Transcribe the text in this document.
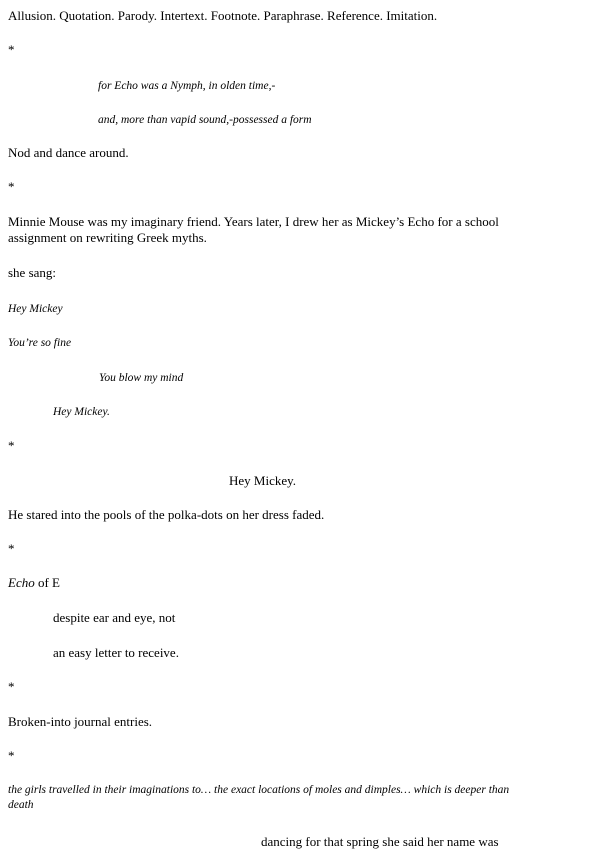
Allusion. Quotation. Parody. Intertext. Footnote. Paraphrase. Reference. Imitation.
*
for Echo was a Nymph, in olden time,-
and, more than vapid sound,-possessed a form
Nod and dance around.
*
Minnie Mouse was my imaginary friend. Years later, I drew her as Mickey’s Echo for a school assignment on rewriting Greek myths.
she sang:
Hey Mickey
You’re so fine
You blow my mind
Hey Mickey.
*
Hey Mickey.
He stared into the pools of the polka-dots on her dress faded.
*
Echo of E
despite ear and eye, not
an easy letter to receive.
*
Broken-into journal entries.
*
the girls travelled in their imaginations to… the exact locations of moles and dimples… which is deeper than death
dancing for that spring she said her name was
